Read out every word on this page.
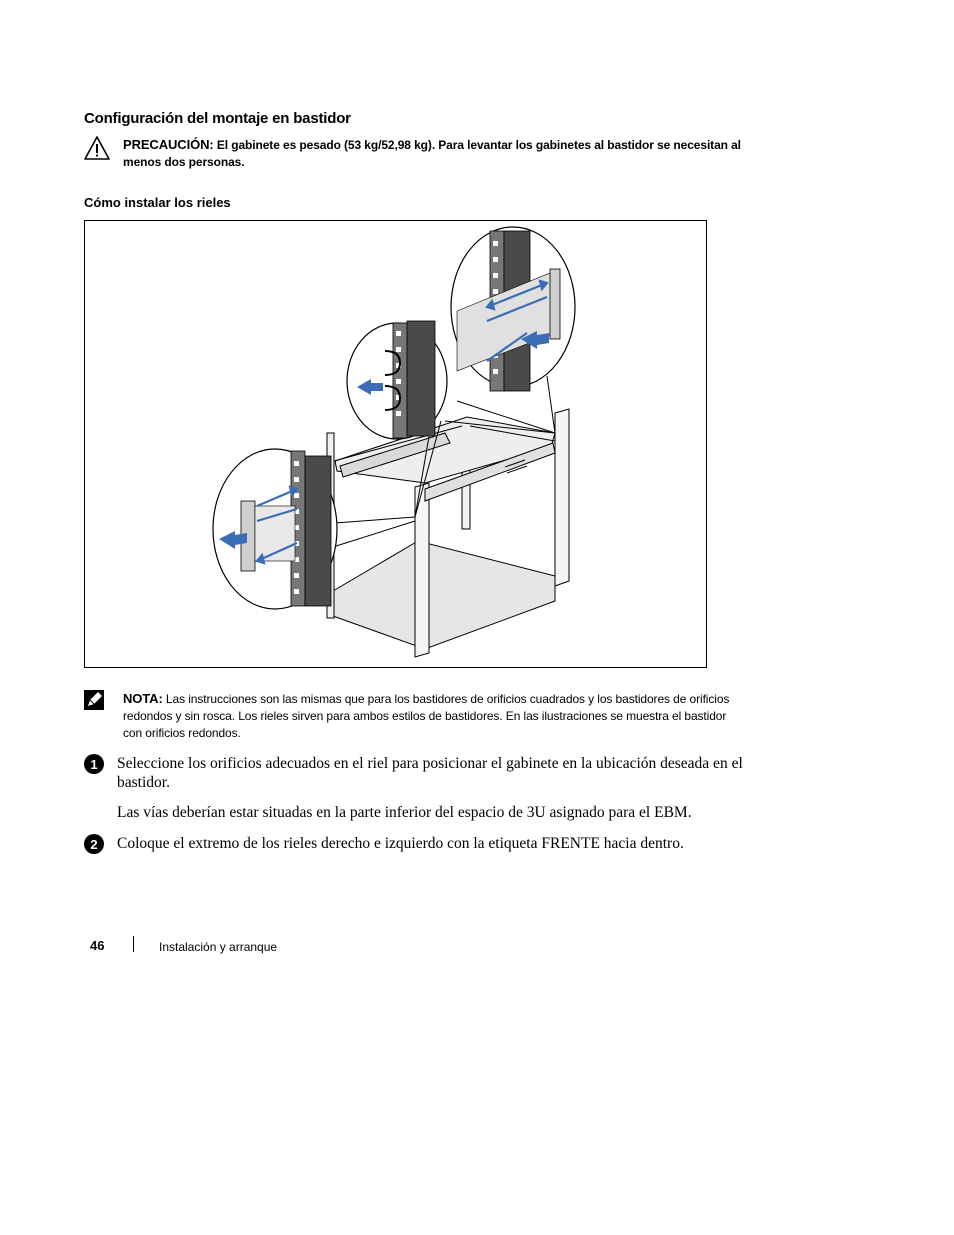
Configuración del montaje en bastidor
PRECAUCIÓN: El gabinete es pesado (53 kg/52,98 kg). Para levantar los gabinetes al bastidor se necesitan al menos dos personas.
Cómo instalar los rieles
NOTA: Las instrucciones son las mismas que para los bastidores de orificios cuadrados y los bastidores de orificios redondos y sin rosca. Los rieles sirven para ambos estilos de bastidores. En las ilustraciones se muestra el bastidor con orificios redondos.
1	Seleccione los orificios adecuados en el riel para posicionar el gabinete en la ubicación deseada en el bastidor.
Las vías deberían estar situadas en la parte inferior del espacio de 3U asignado para el EBM.
2	Coloque el extremo de los rieles derecho e izquierdo con la etiqueta FRENTE hacia dentro.
46	Instalación y arranque
